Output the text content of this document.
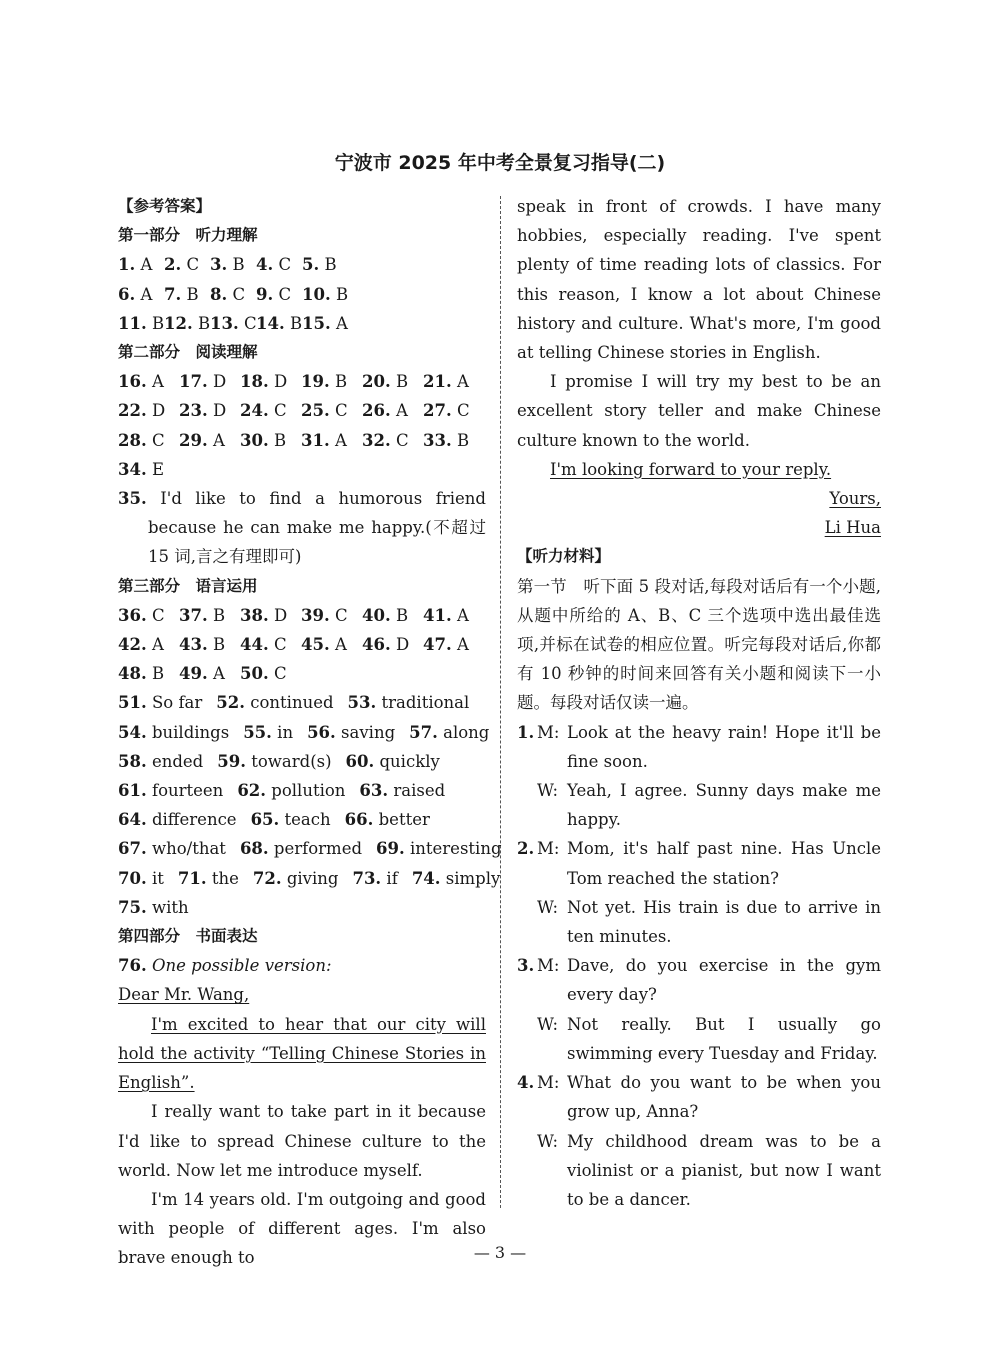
宁波市 2025 年中考全景复习指导(二)
【参考答案】
第一部分　听力理解
1. A 2. C 3. B 4. C 5. B
6. A 7. B 8. C 9. C 10. B
11. B12. B13. C14. B15. A
第二部分　阅读理解
16. A 17. D 18. D 19. B 20. B 21. A
22. D 23. D 24. C 25. C 26. A 27. C
28. C 29. A 30. B 31. A 32. C 33. B
34. E
35. I'd like to find a humorous friend because he can make me happy.(不超过 15 词,言之有理即可)
第三部分　语言运用
36. C 37. B 38. D 39. C 40. B 41. A
42. A 43. B 44. C 45. A 46. D 47. A
48. B 49. A 50. C
51. So far 52. continued 53. traditional
54. buildings 55. in 56. saving 57. along
58. ended 59. toward(s) 60. quickly
61. fourteen 62. pollution 63. raised
64. difference 65. teach 66. better
67. who/that 68. performed 69. interesting
70. it 71. the 72. giving 73. if 74. simply
75. with
第四部分　书面表达
76. One possible version:
Dear Mr. Wang,
I'm excited to hear that our city will hold the activity “Telling Chinese Stories in English”.
I really want to take part in it because I'd like to spread Chinese culture to the world. Now let me introduce myself.
I'm 14 years old. I'm outgoing and good with people of different ages. I'm also brave enough to
speak in front of crowds. I have many hobbies, especially reading. I've spent plenty of time reading lots of classics. For this reason, I know a lot about Chinese history and culture. What's more, I'm good at telling Chinese stories in English.
I promise I will try my best to be an excellent story teller and make Chinese culture known to the world.
I'm looking forward to your reply.
Yours,
Li Hua
【听力材料】
第一节　听下面 5 段对话,每段对话后有一个小题,从题中所给的 A、B、C 三个选项中选出最佳选项,并标在试卷的相应位置。听完每段对话后,你都有 10 秒钟的时间来回答有关小题和阅读下一小题。每段对话仅读一遍。
1. M: Look at the heavy rain! Hope it'll be fine soon.
W: Yeah, I agree. Sunny days make me happy.
2. M: Mom, it's half past nine. Has Uncle Tom reached the station?
W: Not yet. His train is due to arrive in ten minutes.
3. M: Dave, do you exercise in the gym every day?
W: Not really. But I usually go swimming every Tuesday and Friday.
4. M: What do you want to be when you grow up, Anna?
W: My childhood dream was to be a violinist or a pianist, but now I want to be a dancer.
— 3 —
